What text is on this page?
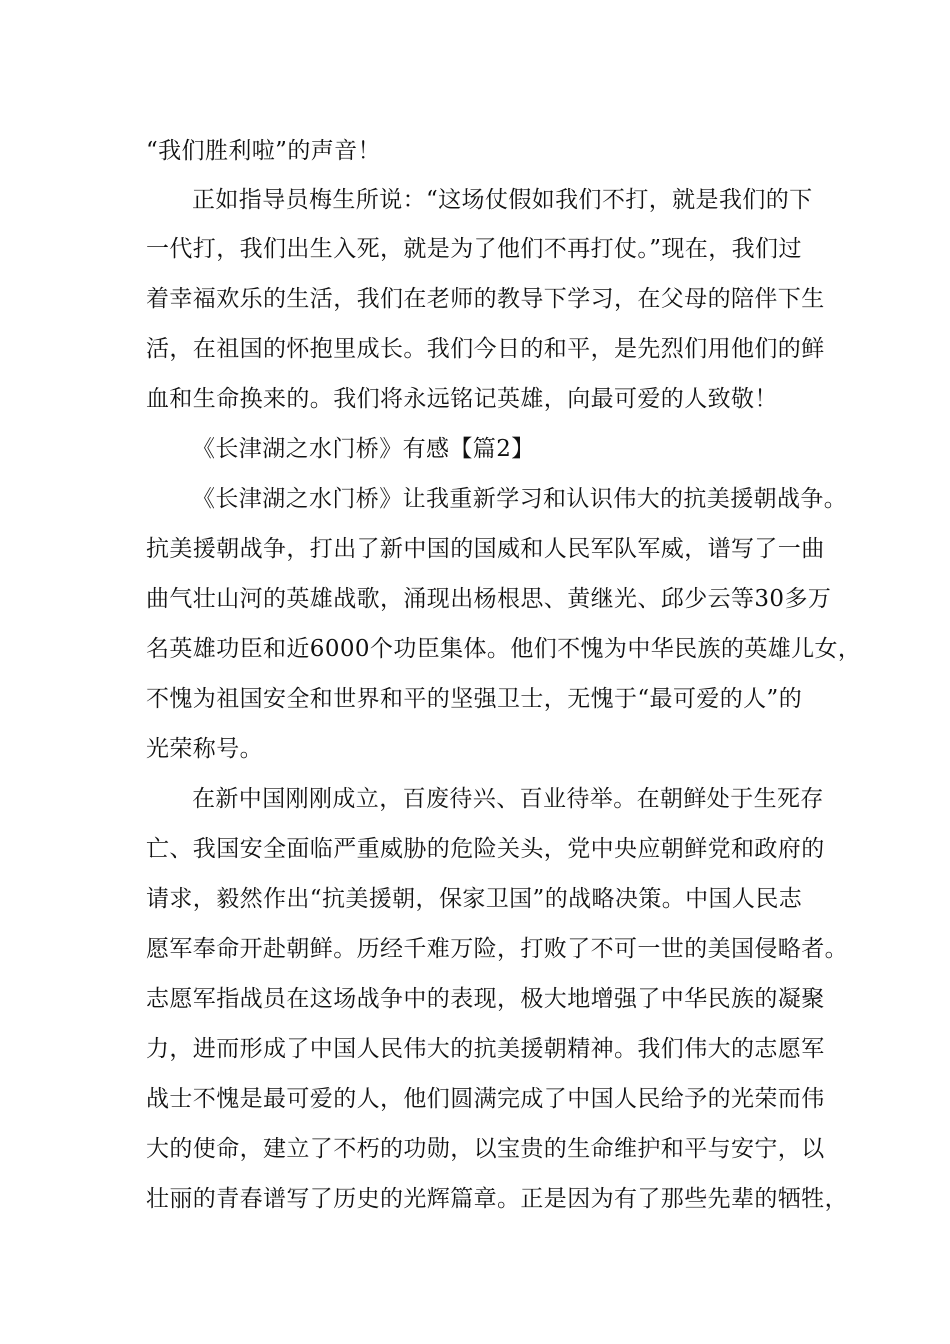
“我们胜利啦”的声音！
正如指导员梅生所说：“这场仗假如我们不打，就是我们的下
一代打，我们出生入死，就是为了他们不再打仗。”现在，我们过
着幸福欢乐的生活，我们在老师的教导下学习，在父母的陪伴下生
活，在祖国的怀抱里成长。我们今日的和平，是先烈们用他们的鲜
血和生命换来的。我们将永远铭记英雄，向最可爱的人致敬！
《长津湖之水门桥》有感【篇2】
《长津湖之水门桥》让我重新学习和认识伟大的抗美援朝战争。
抗美援朝战争，打出了新中国的国威和人民军队军威，谱写了一曲
曲气壮山河的英雄战歌，涌现出杨根思、黄继光、邱少云等30多万
名英雄功臣和近6000个功臣集体。他们不愧为中华民族的英雄儿女，
不愧为祖国安全和世界和平的坚强卫士，无愧于“最可爱的人”的
光荣称号。
在新中国刚刚成立，百废待兴、百业待举。在朝鲜处于生死存
亡、我国安全面临严重威胁的危险关头，党中央应朝鲜党和政府的
请求，毅然作出“抗美援朝，保家卫国”的战略决策。中国人民志
愿军奉命开赴朝鲜。历经千难万险，打败了不可一世的美国侵略者。
志愿军指战员在这场战争中的表现，极大地增强了中华民族的凝聚
力，进而形成了中国人民伟大的抗美援朝精神。我们伟大的志愿军
战士不愧是最可爱的人，他们圆满完成了中国人民给予的光荣而伟
大的使命，建立了不朽的功勋，以宝贵的生命维护和平与安宁，以
壮丽的青春谱写了历史的光辉篇章。正是因为有了那些先辈的牺牲，
